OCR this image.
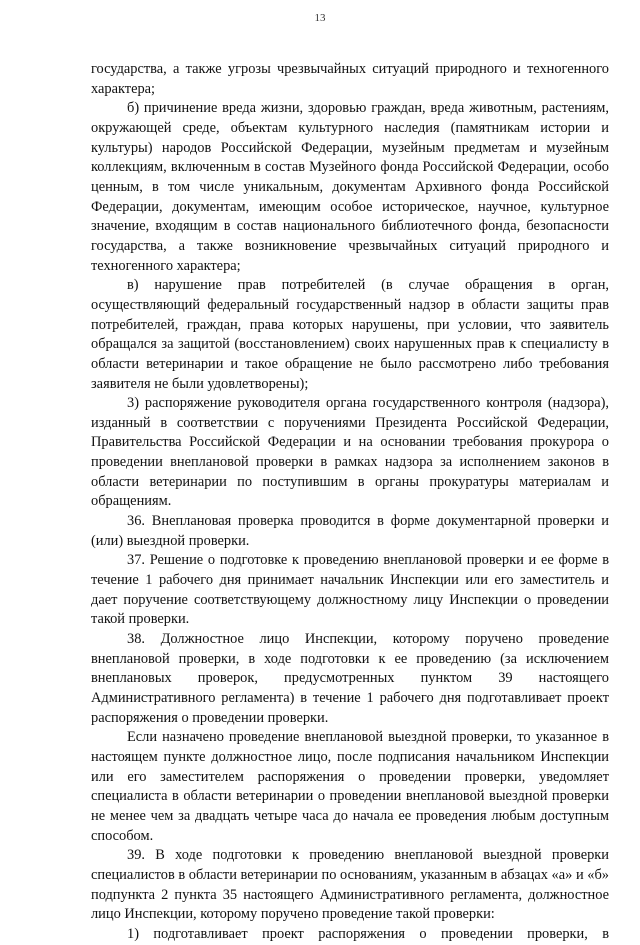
13

государства, а также угрозы чрезвычайных ситуаций природного и техногенного характера;

б) причинение вреда жизни, здоровью граждан, вреда животным, растениям, окружающей среде, объектам культурного наследия (памятникам истории и культуры) народов Российской Федерации, музейным предметам и музейным коллекциям, включенным в состав Музейного фонда Российской Федерации, особо ценным, в том числе уникальным, документам Архивного фонда Российской Федерации, документам, имеющим особое историческое, научное, культурное значение, входящим в состав национального библиотечного фонда, безопасности государства, а также возникновение чрезвычайных ситуаций природного и техногенного характера;

в) нарушение прав потребителей (в случае обращения в орган, осуществляющий федеральный государственный надзор в области защиты прав потребителей, граждан, права которых нарушены, при условии, что заявитель обращался за защитой (восстановлением) своих нарушенных прав к специалисту в области ветеринарии и такое обращение не было рассмотрено либо требования заявителя не были удовлетворены);

3) распоряжение руководителя органа государственного контроля (надзора), изданный в соответствии с поручениями Президента Российской Федерации, Правительства Российской Федерации и на основании требования прокурора о проведении внеплановой проверки в рамках надзора за исполнением законов в области ветеринарии по поступившим в органы прокуратуры материалам и обращениям.

36. Внеплановая проверка проводится в форме документарной проверки и (или) выездной проверки.

37. Решение о подготовке к проведению внеплановой проверки и ее форме в течение 1 рабочего дня принимает начальник Инспекции или его заместитель и дает поручение соответствующему должностному лицу Инспекции о проведении такой проверки.

38. Должностное лицо Инспекции, которому поручено проведение внеплановой проверки, в ходе подготовки к ее проведению (за исключением внеплановых проверок, предусмотренных пунктом 39 настоящего Административного регламента) в течение 1 рабочего дня подготавливает проект распоряжения о проведении проверки.

Если назначено проведение внеплановой выездной проверки, то указанное в настоящем пункте должностное лицо, после подписания начальником Инспекции или его заместителем распоряжения о проведении проверки, уведомляет специалиста в области ветеринарии о проведении внеплановой выездной проверки не менее чем за двадцать четыре часа до начала ее проведения любым доступным способом.

39. В ходе подготовки к проведению внеплановой выездной проверки специалистов в области ветеринарии по основаниям, указанным в абзацах «а» и «б» подпункта 2 пункта 35 настоящего Административного регламента, должностное лицо Инспекции, которому поручено проведение такой проверки:

1) подготавливает проект распоряжения о проведении проверки, в
